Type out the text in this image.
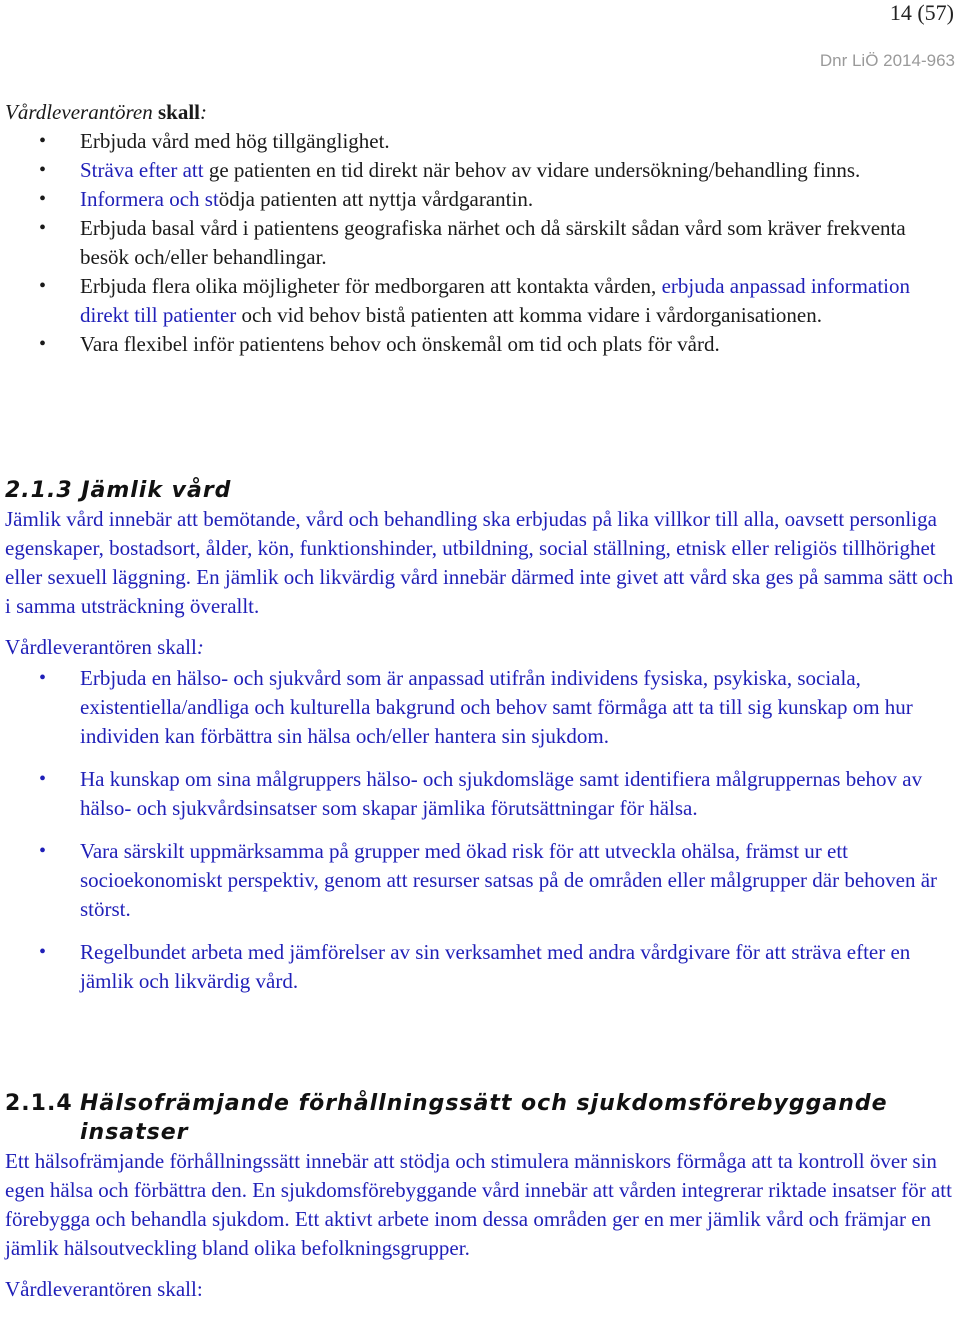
14 (57)
Dnr LiÖ 2014-963

Vårdleverantören skall:

• Erbjuda vård med hög tillgänglighet.
• Sträva efter att ge patienten en tid direkt när behov av vidare undersökning/behandling finns.
• Informera och stödja patienten att nyttja vårdgarantin.
• Erbjuda basal vård i patientens geografiska närhet och då särskilt sådan vård som kräver frekventa besök och/eller behandlingar.
• Erbjuda flera olika möjligheter för medborgaren att kontakta vården, erbjuda anpassad information direkt till patienter och vid behov bistå patienten att komma vidare i vårdorganisationen.
• Vara flexibel inför patientens behov och önskemål om tid och plats för vård.
2.1.3 Jämlik vård

Jämlik vård innebär att bemötande, vård och behandling ska erbjudas på lika villkor till alla, oavsett personliga egenskaper, bostadsort, ålder, kön, funktionshinder, utbildning, social ställning, etnisk eller religiös tillhörighet eller sexuell läggning. En jämlik och likvärdig vård innebär därmed inte givet att vård ska ges på samma sätt och i samma utsträckning överallt.

Vårdleverantören skall:

• Erbjuda en hälso- och sjukvård som är anpassad utifrån individens fysiska, psykiska, sociala, existentiella/andliga och kulturella bakgrund och behov samt förmåga att ta till sig kunskap om hur individen kan förbättra sin hälsa och/eller hantera sin sjukdom.
• Ha kunskap om sina målgruppers hälso- och sjukdomsläge samt identifiera målgruppernas behov av hälso- och sjukvårdsinsatser som skapar jämlika förutsättningar för hälsa.
• Vara särskilt uppmärksamma på grupper med ökad risk för att utveckla ohälsa, främst ur ett socioekonomiskt perspektiv, genom att resurser satsas på de områden eller målgrupper där behoven är störst.
• Regelbundet arbeta med jämförelser av sin verksamhet med andra vårdgivare för att sträva efter en jämlik och likvärdig vård.
2.1.4 Hälsofrämjande förhållningssätt och sjukdomsförebyggande insatser

Ett hälsofrämjande förhållningssätt innebär att stödja och stimulera människors förmåga att ta kontroll över sin egen hälsa och förbättra den. En sjukdomsförebyggande vård innebär att vården integrerar riktade insatser för att förebygga och behandla sjukdom. Ett aktivt arbete inom dessa områden ger en mer jämlik vård och främjar en jämlik hälsoutveckling bland olika befolkningsgrupper.

Vårdleverantören skall:
